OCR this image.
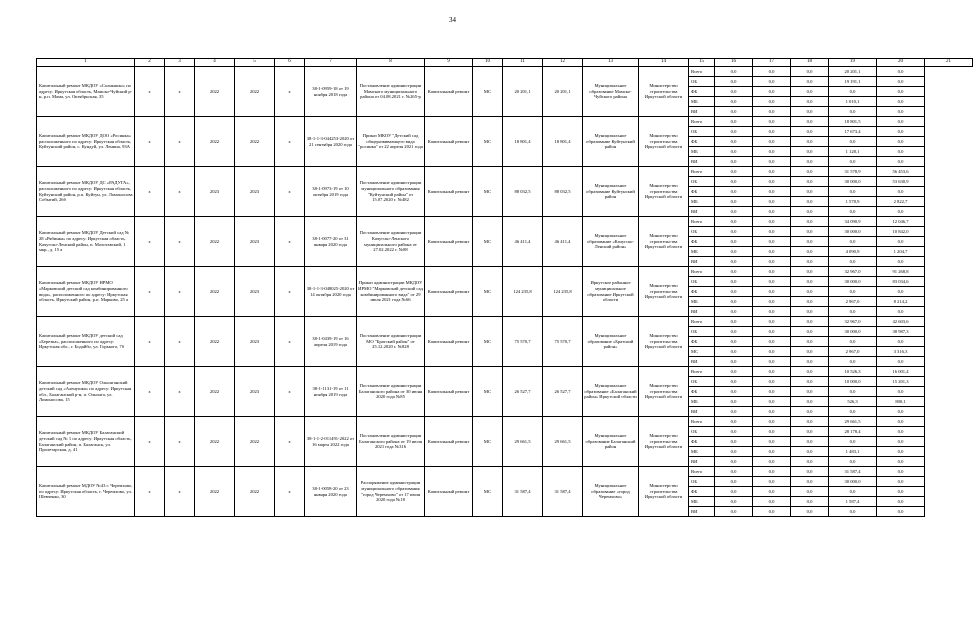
34
1	2	3	4	5	6	7	8	9	10	11	12	13	14	15	16	17	18	19	20	21
Капитальный ремонт МКДОУ «Солнышко» по адресу: Иркутская область, Мамско-Чуйский р-н, р.п. Мама, ул. Октябрьская, 35	х	х	2022	2022	х	38-1-0959-18 от 19 ноября 2018 года	Постановление администрации Мамского муниципального района от 04.08.2021 г. №265-р	Капитальный ремонт	МС	20 201,1	20 201,1	Муниципальное образование Мамско-Чуйского района	Министерство строительства Иркутской области	Всего	0,0	0,0	0,0	20 201,1	0,0	
														ОБ	0,0	0,0	0,0	19 191,1	0,0	
														ФБ	0,0	0,0	0,0	0,0	0,0	
														МБ	0,0	0,0	0,0	1 010,1	0,0	
														ВИ	0,0	0,0	0,0	0,0	0,0	
Капитальный ремонт МКДОУ ДОО «Росинка» расположенного по адресу: Иркутская область, Куйтунский район, с. Кундуй, ул. Ленина, 93А	х	х	2022	2022	х	38-1-1-3-044253-2020 от 21 сентября 2020 года	Приказ МКОУ "Детский сад общеразвивающего вида "росинка" от 22 апреля 2021 года	Капитальный ремонт	МС	18 801,4	18 801,4	Муниципальное образование Куйтунский район	Министерство строительства Иркутской области	Всего	0,0	0,0	0,0	18 801,5	0,0	
														ОБ	0,0	0,0	0,0	17 673,4	0,0	
														ФБ	0,0	0,0	0,0	0,0	0,0	
														МБ	0,0	0,0	0,0	1 128,1	0,0	
														ВИ	0,0	0,0	0,0	0,0	0,0	
Капитальный ремонт МКДОУ ДС «РАДУГА», расположенного по адресу: Иркутская область, Куйтунский район, р.п. Куйтун, ул. Ломоносова Событий, 26б	х	х	2023	2023	х	38-1-0973-19 от 10 октября 2019 года	Постановление администрации муниципального образования "Куйтунский район" от 15.07.2020 г. №482	Капитальный ремонт	МС	88 032,5	88 032,5	Муниципальное образование Куйтунский район	Министерство строительства Иркутской области	Всего	0,0	0,0	0,0	31 578,9	56 453,6	
														ОБ	0,0	0,0	0,0	30 000,0	53 630,9	
														ФБ	0,0	0,0	0,0	0,0	0,0	
														МБ	0,0	0,0	0,0	1 578,9	2 822,7	
														ВИ	0,0	0,0	0,0	0,0	0,0	
Капитальный ремонт МКДОУ Детский сад № 28 «Рябинка» по адресу: Иркутская область, Качугско-Ленский район, п. Молотавский, 1 мкр., д. 15 а	х	х	2022	2023	х	38-1-0077-20 от 31 января 2020 года	Постановление администрации Качугско-Ленского муниципального района от 27.02.2022 г. №88	Капитальный ремонт	МС	46 411,4	46 411,4	Муниципальное образование «Качугско-Ленский район»	Министерство строительства Иркутской области	Всего	0,0	0,0	0,0	34 090,9	12 046,7	
														ОБ	0,0	0,0	0,0	30 000,0	10 842,0	
														ФБ	0,0	0,0	0,0	0,0	0,0	
														МБ	0,0	0,0	0,0	4 090,9	1 204,7	
														ВИ	0,0	0,0	0,0	0,0	0,0	
Капитальный ремонт МКДОУ НРМО «Марковский детский сад комбинированного вида», расположенного по адресу: Иркутская область, Иркутский район, р.п. Марково, 25 а	х	х	2022	2023	х	38-1-1-3-048025-2020 от 14 октября 2020 года	Приказ администрации МКДОУ ИРМО "Марковский детский сад комбинированного вида" от 29 июля 2021 года №66	Капитальный ремонт	МС	124 235,8	124 235,8	Иркутское районное муниципальное образование Иркутской области	Министерство строительства Иркутской области	Всего	0,0	0,0	0,0	32 967,0	91 268,8	
														ОБ	0,0	0,0	0,0	30 000,0	83 034,6	
														ФБ	0,0	0,0	0,0	0,0	0,0	
														МБ	0,0	0,0	0,0	2 967,0	8 214,2	
														ВИ	0,0	0,0	0,0	0,0	0,0	
Капитальный ремонт МКДОУ детский сад «Березка», расположенного по адресу: Иркутская обл., г. Бодайбо, ул. Горького, 7б	х	х	2022	2023	х	38-1-0439-19 от 16 апреля 2019 года	Постановление администрации МО "Братский район" от 25.12.2020 г. №828	Капитальный ремонт	МС	75 570,7	75 570,7	Муниципальное образование «Братский район»	Министерство строительства Иркутской области	Всего	0,0	0,0	0,0	32 967,0	42 603,6	
														ОБ	0,0	0,0	0,0	30 000,0	38 987,3	
														ФБ	0,0	0,0	0,0	0,0	0,0	
														МС	0,0	0,0	0,0	2 967,0	3 316,3	
														ВИ	0,0	0,0	0,0	0,0	0,0	
Капитальный ремонт МКДОУ Ольонганский детский сад «Аленушка» по адресу: Иркутская обл., Балаганский р-н, п. Ольонга, ул. Ломоносова, 15	х	х	2022	2023	х	38-1-1131-19 от 11 ноября 2019 года	Постановление администрации Балаганского района от 30 июня 2020 года №85	Капитальный ремонт	МС	26 527,7	26 527,7	Муниципальное образование «Балаганский район» Иркутской области	Министерство строительства Иркутской области	Всего	0,0	0,0	0,0	10 526,3	16 001,4	
														ОБ	0,0	0,0	0,0	10 000,0	15 201,3	
														ФБ	0,0	0,0	0,0	0,0	0,0	
														МБ	0,0	0,0	0,0	526,3	800,1	
														ВИ	0,0	0,0	0,0	0,0	0,0	
Капитальный ремонт МКДОУ Балаганский детский сад № 1 по адресу: Иркутская область, Балаганский район, п. Балаганск, ул. Пролетарская, д. 41	х	х	2022	2022	х	38-1-1-2-011491-2022 от 16 марта 2022 года	Постановление администрации Балаганского района от 19 июля 2021 года №316	Капитальный ремонт	МС	29 661,5	29 661,5	Муниципальное образование Балаганский район	Министерство строительства Иркутской области	Всего	0,0	0,0	0,0	29 661,5	0,0	
														ОБ	0,0	0,0	0,0	28 178,4	0,0	
														ФБ	0,0	0,0	0,0	0,0	0,0	
														МБ	0,0	0,0	0,0	1 483,1	0,0	
														ВИ	0,0	0,0	0,0	0,0	0,0	
Капитальный ремонт МДОУ №43 г. Черемхово, по адресу: Иркутская область, г. Черемхово, ул. Шевченко, 30	х	х	2022	2022	х	38-1-0058-20 от 23 января 2020 года	Распоряжение администрации муниципального образования "город Черемхово" от 17 июля 2020 года №18	Капитальный ремонт	МС	31 587,4	31 587,4	Муниципальное образование «город Черемхово»	Министерство строительства Иркутской области	Всего	0,0	0,0	0,0	31 587,4	0,0	
														ОБ	0,0	0,0	0,0	30 000,0	0,0	
														ФБ	0,0	0,0	0,0	0,0	0,0	
														МБ	0,0	0,0	0,0	1 587,4	0,0	
														ВИ	0,0	0,0	0,0	0,0	0,0	
